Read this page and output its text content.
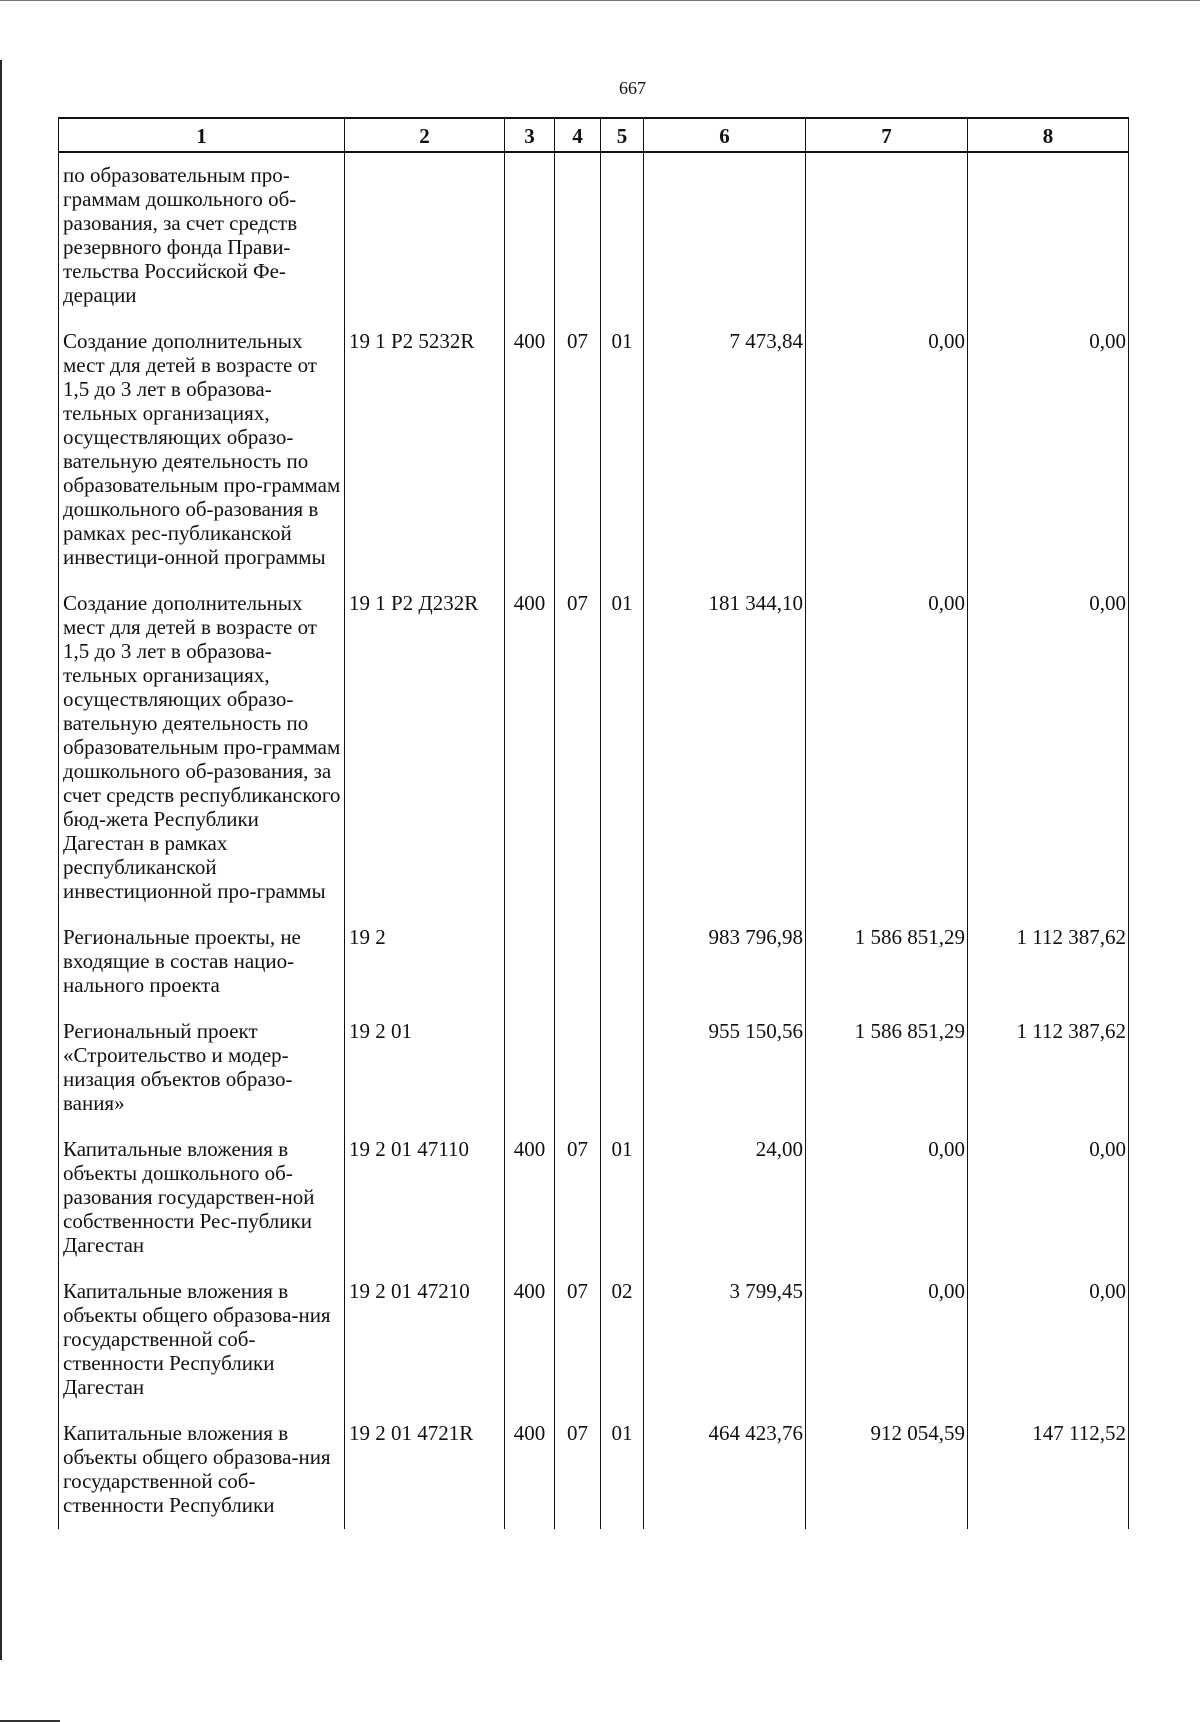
667
1	2	3	4	5	6	7	8
по образовательным про-граммам дошкольного об-разования, за счет средств резервного фонда Прави-тельства Российской Фе-дерации							
Создание дополнительных мест для детей в возрасте от 1,5 до 3 лет в образова-тельных организациях, осуществляющих образо-вательную деятельность по образовательным про-граммам дошкольного об-разования в рамках рес-публиканской инвестици-онной программы	19 1 P2 5232R	400	07	01	7 473,84	0,00	0,00
Создание дополнительных мест для детей в возрасте от 1,5 до 3 лет в образова-тельных организациях, осуществляющих образо-вательную деятельность по образовательным про-граммам дошкольного об-разования, за счет средств республиканского бюд-жета Республики Дагестан в рамках республиканской инвестиционной про-граммы	19 1 P2 Д232R	400	07	01	181 344,10	0,00	0,00
Региональные проекты, не входящие в состав нацио-нального проекта	19 2				983 796,98	1 586 851,29	1 112 387,62
Региональный проект «Строительство и модер-низация объектов образо-вания»	19 2 01				955 150,56	1 586 851,29	1 112 387,62
Капитальные вложения в объекты дошкольного об-разования государствен-ной собственности Рес-публики Дагестан	19 2 01 47110	400	07	01	24,00	0,00	0,00
Капитальные вложения в объекты общего образова-ния государственной соб-ственности Республики Дагестан	19 2 01 47210	400	07	02	3 799,45	0,00	0,00
Капитальные вложения в объекты общего образова-ния государственной соб-ственности Республики	19 2 01 4721R	400	07	01	464 423,76	912 054,59	147 112,52
